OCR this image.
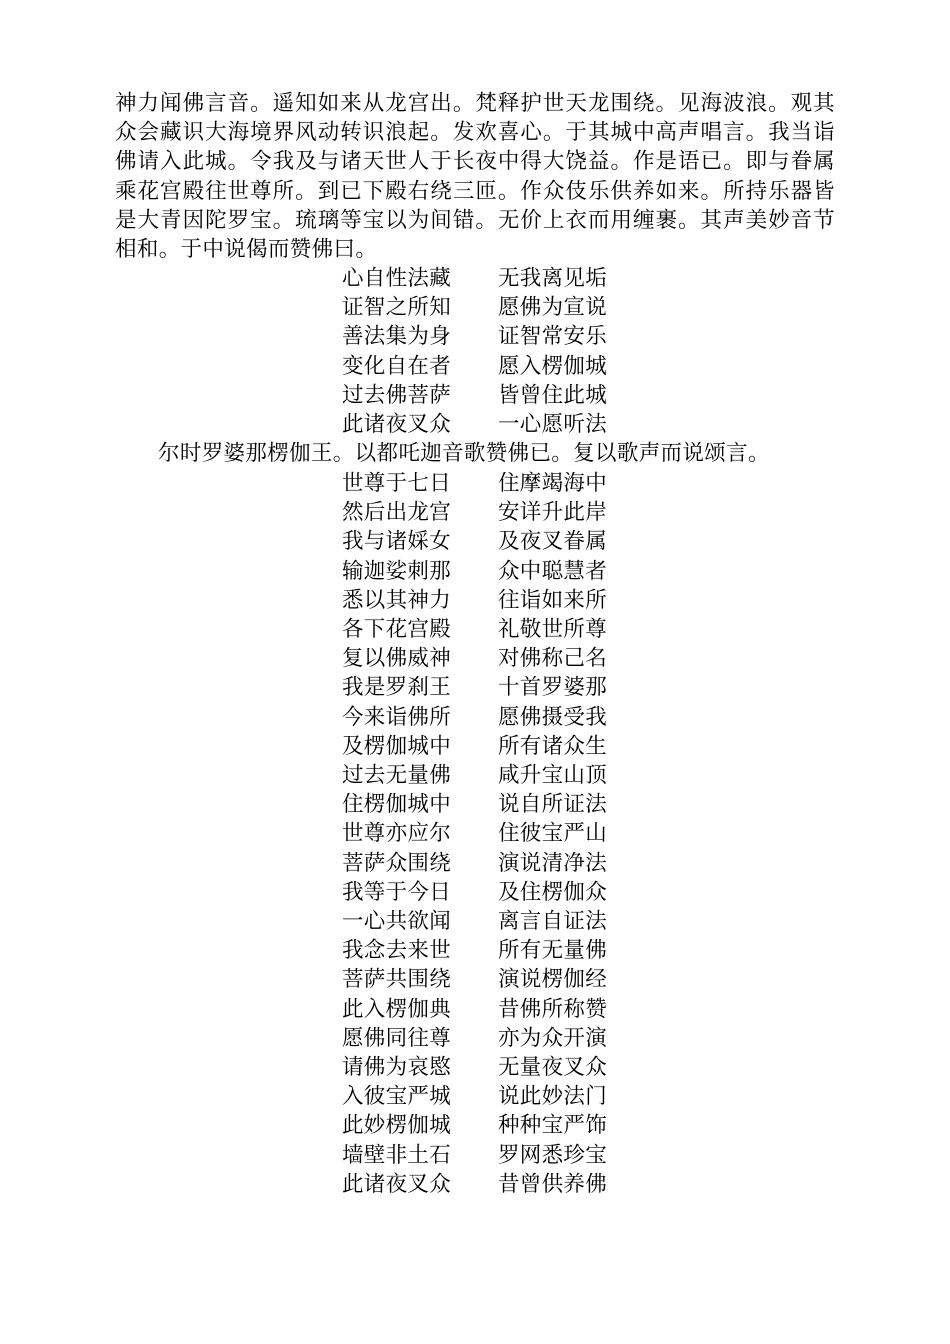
神力闻佛言音。遥知如来从龙宫出。梵释护世天龙围绕。见海波浪。观其众会藏识大海境界风动转识浪起。发欢喜心。于其城中高声唱言。我当诣佛请入此城。令我及与诸天世人于长夜中得大饶益。作是语已。即与眷属乘花宫殿往世尊所。到已下殿右绕三匝。作众伎乐供养如来。所持乐器皆是大青因陀罗宝。琉璃等宝以为间错。无价上衣而用缠裹。其声美妙音节相和。于中说偈而赞佛曰。

心自性法藏	无我离见垢
证智之所知	愿佛为宣说
善法集为身	证智常安乐
变化自在者	愿入楞伽城
过去佛菩萨	皆曾住此城
此诸夜叉众	一心愿听法

尔时罗婆那楞伽王。以都吒迦音歌赞佛已。复以歌声而说颂言。

世尊于七日	住摩竭海中
然后出龙宫	安详升此岸
我与诸婇女	及夜叉眷属
输迦娑刺那	众中聪慧者
悉以其神力	往诣如来所
各下花宫殿	礼敬世所尊
复以佛威神	对佛称己名
我是罗刹王	十首罗婆那
今来诣佛所	愿佛摄受我
及楞伽城中	所有诸众生
过去无量佛	咸升宝山顶
住楞伽城中	说自所证法
世尊亦应尔	住彼宝严山
菩萨众围绕	演说清净法
我等于今日	及住楞伽众
一心共欲闻	离言自证法
我念去来世	所有无量佛
菩萨共围绕	演说楞伽经
此入楞伽典	昔佛所称赞
愿佛同往尊	亦为众开演
请佛为哀愍	无量夜叉众
入彼宝严城	说此妙法门
此妙楞伽城	种种宝严饰
墙壁非土石	罗网悉珍宝
此诸夜叉众	昔曾供养佛
